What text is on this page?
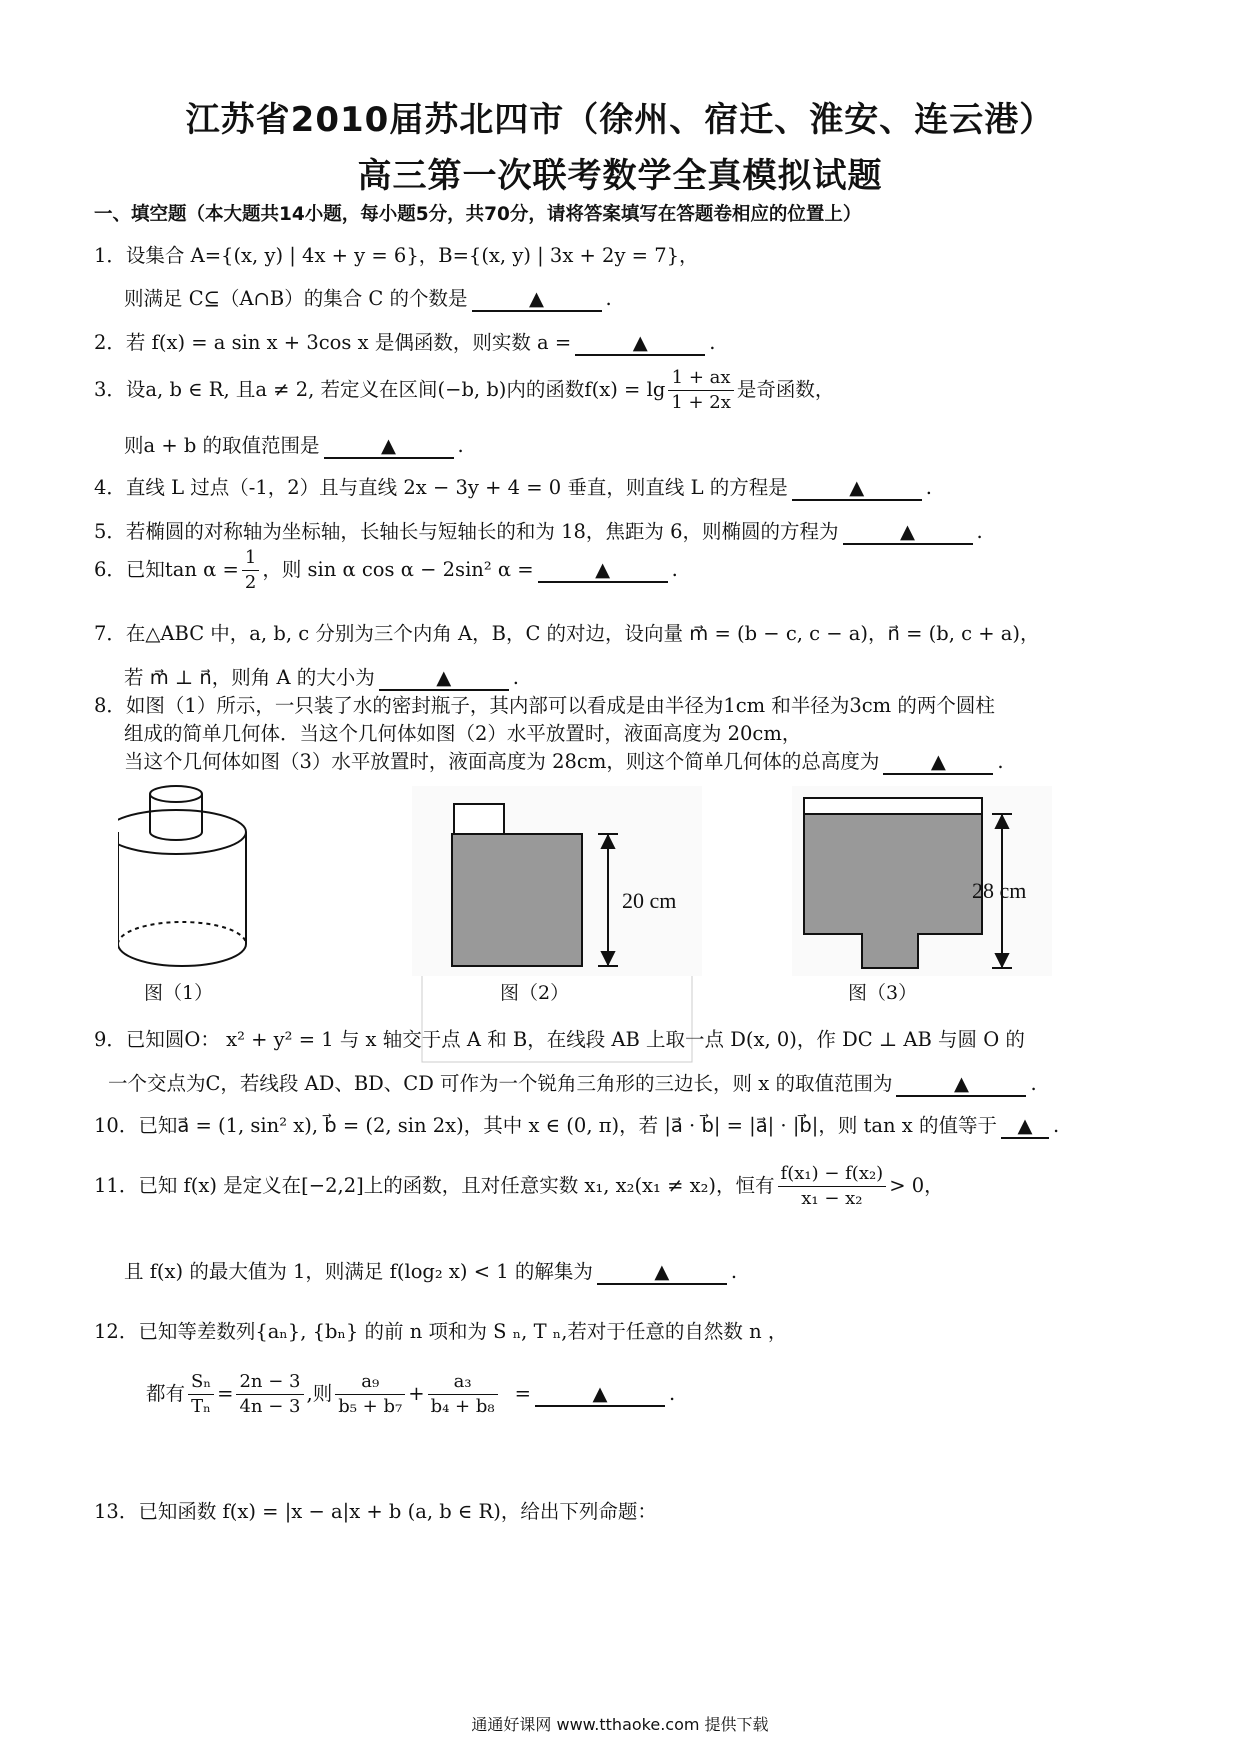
江苏省2010届苏北四市（徐州、宿迁、淮安、连云港）
高三第一次联考数学全真模拟试题
一、填空题（本大题共14小题，每小题5分，共70分，请将答案填写在答题卷相应的位置上）
1．设集合 A={(x, y) | 4x + y = 6}，B={(x, y) | 3x + 2y = 7}，
则满足 C⊆（A∩B）的集合 C 的个数是	▲	.
2．若 f(x) = a sin x + 3cos x 是偶函数，则实数 a =	▲	.
3．设a, b ∈ R, 且a ≠ 2, 若定义在区间(−b, b)内的函数$f(x) = \lg \frac{1 + ax}{1 + 2x}$ 是奇函数，
则a + b 的取值范围是	▲	.
4．直线 L 过点（-1，2）且与直线 2x − 3y + 4 = 0 垂直，则直线 L 的方程是	▲	.
5．若椭圆的对称轴为坐标轴，长轴长与短轴长的和为 18，焦距为 6，则椭圆的方程为	▲	.
6．已知$\tan \alpha = \frac{1}{2}$ ，则 sin α cos α − 2sin² α =	▲	.
7．在△ABC 中，a, b, c 分别为三个内角 A，B，C 的对边，设向量 m⃗ = (b − c, c − a)，n⃗ = (b, c + a)，
若 m⃗ ⊥ n⃗，则角 A 的大小为	▲	.
8．如图（1）所示，一只装了水的密封瓶子，其内部可以看成是由半径为1cm 和半径为3cm 的两个圆柱
组成的简单几何体．当这个几何体如图（2）水平放置时，液面高度为 20cm，
当这个几何体如图（3）水平放置时，液面高度为 28cm，则这个简单几何体的总高度为	▲	.
图（1）
20 cm
图（2）
28 cm
图（3）
9．已知圆O： x² + y² = 1 与 x 轴交于点 A 和 B，在线段 AB 上取一点 D(x, 0)，作 DC ⊥ AB 与圆 O 的
一个交点为C，若线段 AD、BD、CD 可作为一个锐角三角形的三边长，则 x 的取值范围为	▲	.
10．已知a⃗ = (1, sin² x), b⃗ = (2, sin 2x)，其中 x ∈ (0, π)，若 |a⃗ · b⃗| = |a⃗| · |b⃗|，则 tan x 的值等于 ▲ .
11．已知 f(x) 是定义在[−2,2]上的函数，且对任意实数 x₁, x₂(x₁ ≠ x₂)，恒有 $\frac{\text{f(x₁) − f(x₂)}}{\text{x₁ − x₂}} > 0$，
且 f(x) 的最大值为 1，则满足 f(log₂ x) < 1 的解集为	▲	.
12．已知等差数列{aₙ}, {bₙ} 的前 n 项和为 S ₙ, T ₙ,若对于任意的自然数 n ，
都有 $\frac{\text{Sₙ}}{\text{Tₙ}} = \frac{2n - 3}{4n - 3}$ ,则 $\frac{\text{a₉}}{\text{b₅ + b₇}} + \frac{\text{a₃}}{\text{b₄ + b₈}}$ =	▲	.
13．已知函数 f(x) = |x − a|x + b (a, b ∈ R)，给出下列命题：
通通好课网 www.tthaoke.com 提供下载
